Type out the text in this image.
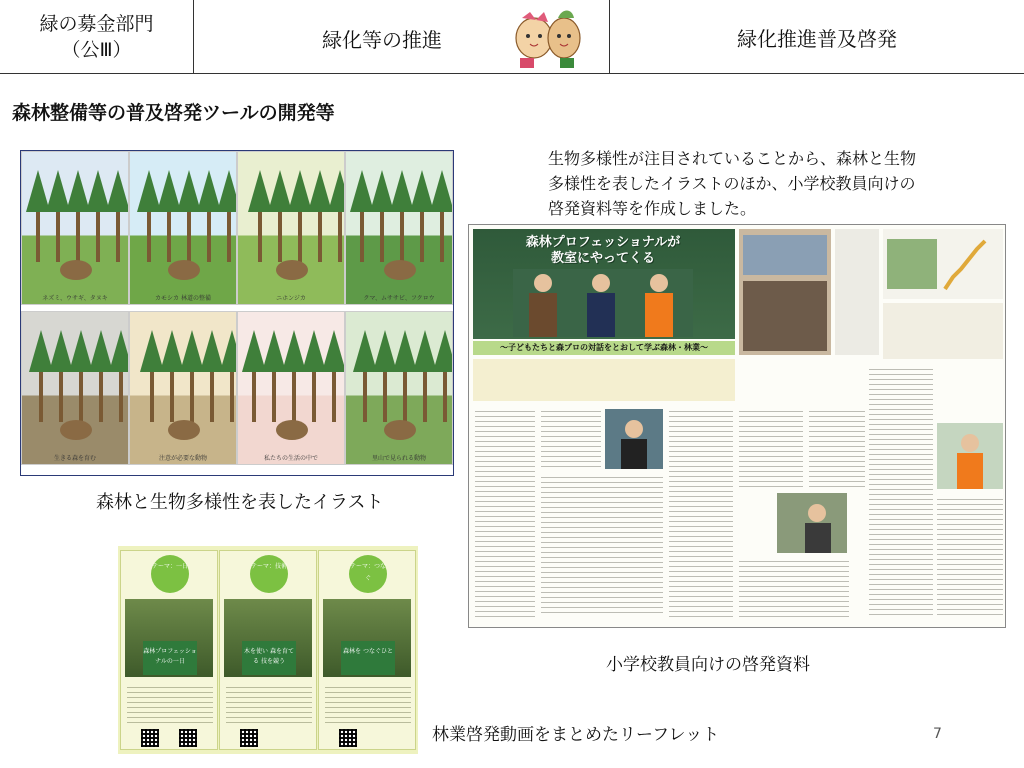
緑の募金部門
（公Ⅲ）	緑化等の推進	緑化推進普及啓発
森林整備等の普及啓発ツールの開発等
生物多様性が注目されていることから、森林と生物多様性を表したイラストのほか、小学校教員向けの啓発資料等を作成しました。
ネズミ、ウサギ、タヌキ	カモシカ 林道の整備	ニホンジカ	クマ、ムササビ、フクロウ
生きる森を育む	注意が必要な動物	私たちの生活の中で	里山で見られる動物
森林と生物多様性を表したイラスト
森林プロフェッショナルが
教室にやってくる
～子どもたちと森プロの対話をとおして学ぶ森林・林業～
小学校教員向けの啓発資料
テーマ：一日
森林プロフェッショナルの一日
テーマ：技術
木を使い 森を育てる 技を競う
テーマ：つなぐ
森林を つなぐひと
林業啓発動画をまとめたリーフレット	7
